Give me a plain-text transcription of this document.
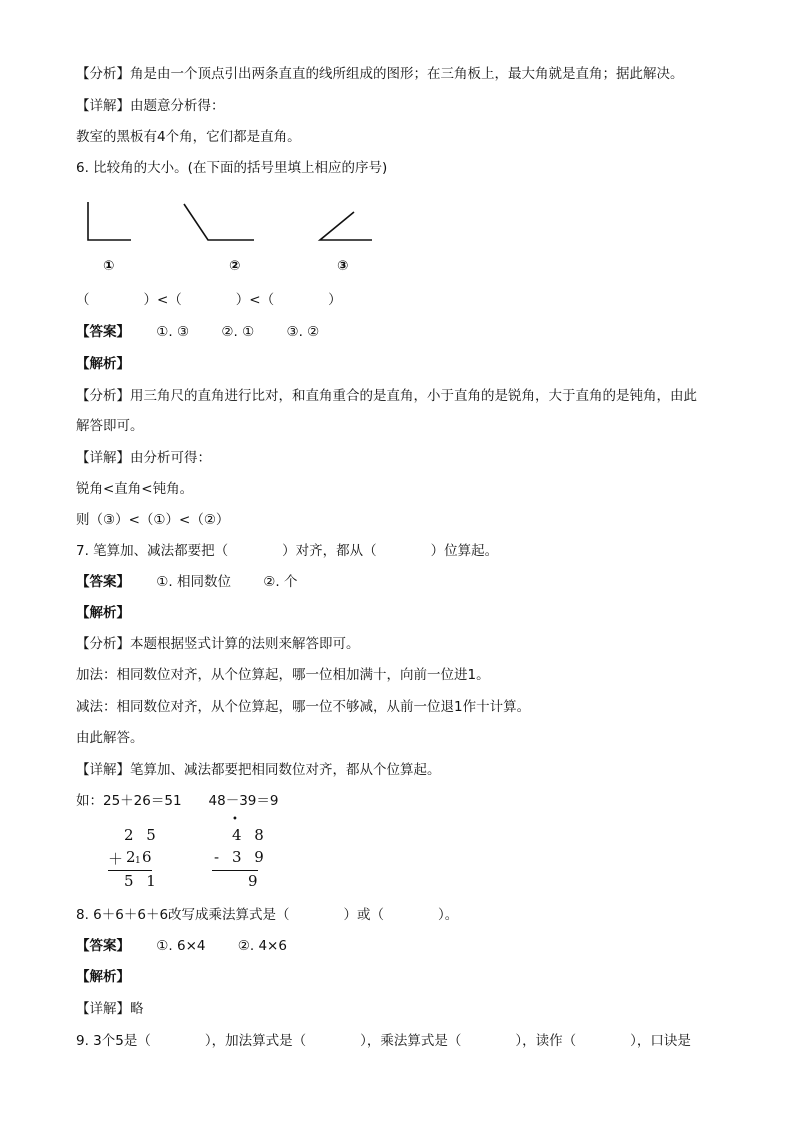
【分析】角是由一个顶点引出两条直直的线所组成的图形；在三角板上，最大角就是直角；据此解决。
【详解】由题意分析得：
教室的黑板有4个角，它们都是直角。
6. 比较角的大小。(在下面的括号里填上相应的序号)
①	②	③
（　　　　）<（　　　　）<（　　　　）
【答案】 ①. ③ ②. ① ③. ②
【解析】
【分析】用三角尺的直角进行比对，和直角重合的是直角，小于直角的是锐角，大于直角的是钝角，由此
解答即可。
【详解】由分析可得：
锐角<直角<钝角。
则（③）<（①）<（②）
7. 笔算加、减法都要把（　　　　）对齐，都从（　　　　）位算起。
【答案】 ①. 相同数位 ②. 个
【解析】
【分析】本题根据竖式计算的法则来解答即可。
加法：相同数位对齐，从个位算起，哪一位相加满十，向前一位进1。
减法：相同数位对齐，从个位算起，哪一位不够减，从前一位退1作十计算。
由此解答。
【详解】笔算加、减法都要把相同数位对齐，都从个位算起。
如：25＋26＝51　　48－39＝9
2 5
＋ 2 1 6
5 1
•
4 8
- 3 9
9
8. 6＋6＋6＋6改写成乘法算式是（　　　　）或（　　　　）。
【答案】 ①. 6×4 ②. 4×6
【解析】
【详解】略
9. 3个5是（　　　　），加法算式是（　　　　），乘法算式是（　　　　），读作（　　　　），口诀是
